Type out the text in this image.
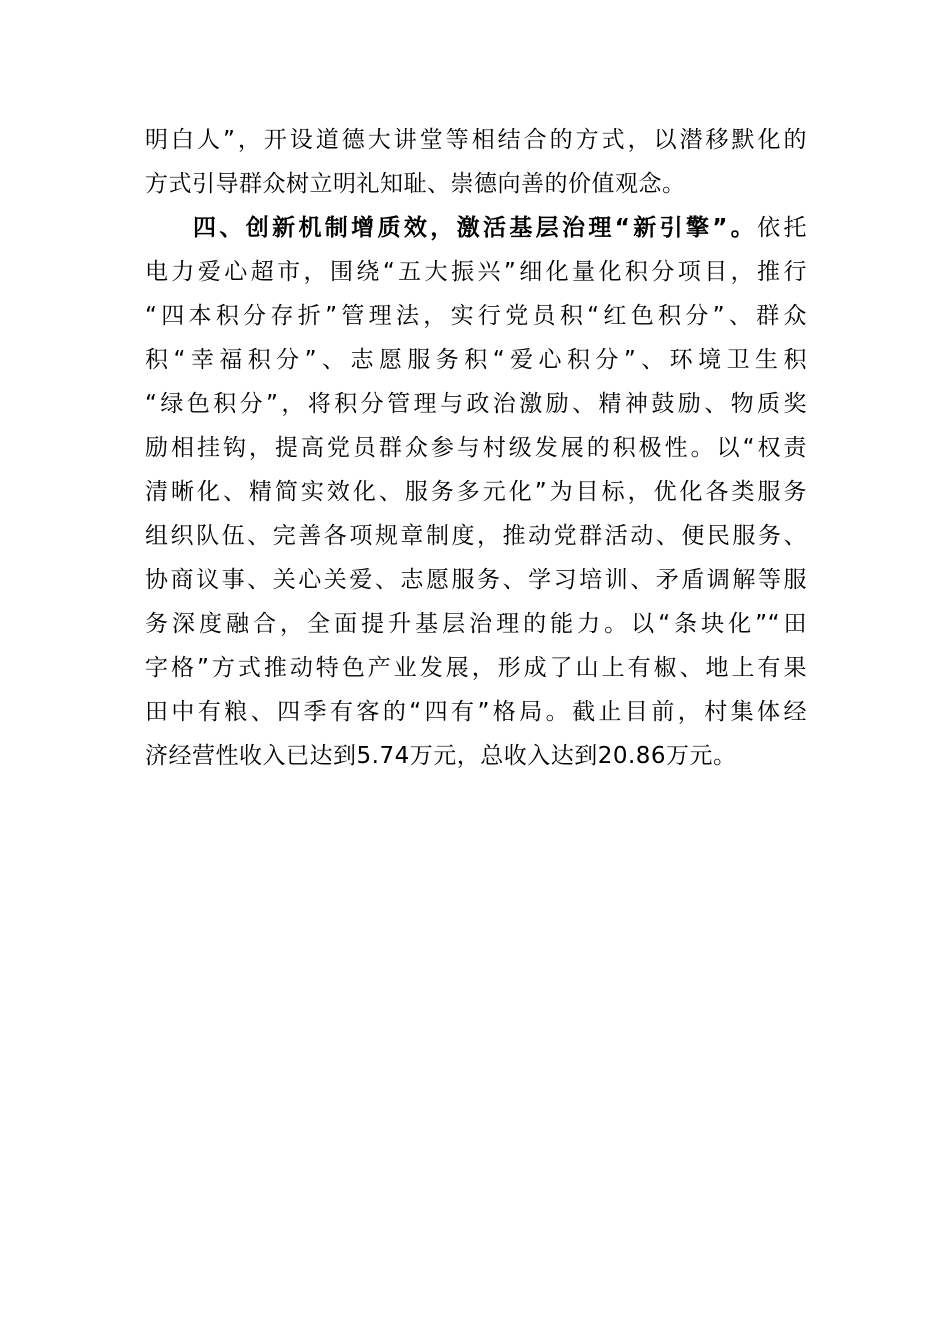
明白人”，开设道德大讲堂等相结合的方式，以潜移默化的
方式引导群众树立明礼知耻、崇德向善的价值观念。
四、创新机制增质效，激活基层治理“新引擎”。依托
电力爱心超市，围绕“五大振兴”细化量化积分项目，推行
“四本积分存折”管理法，实行党员积“红色积分”、群众
积“幸福积分”、志愿服务积“爱心积分”、环境卫生积
“绿色积分”，将积分管理与政治激励、精神鼓励、物质奖
励相挂钩，提高党员群众参与村级发展的积极性。以“权责
清晰化、精简实效化、服务多元化”为目标，优化各类服务
组织队伍、完善各项规章制度，推动党群活动、便民服务、
协商议事、关心关爱、志愿服务、学习培训、矛盾调解等服
务深度融合，全面提升基层治理的能力。以“条块化”“田
字格”方式推动特色产业发展，形成了山上有椒、地上有果
田中有粮、四季有客的“四有”格局。截止目前，村集体经
济经营性收入已达到5.74万元，总收入达到20.86万元。
